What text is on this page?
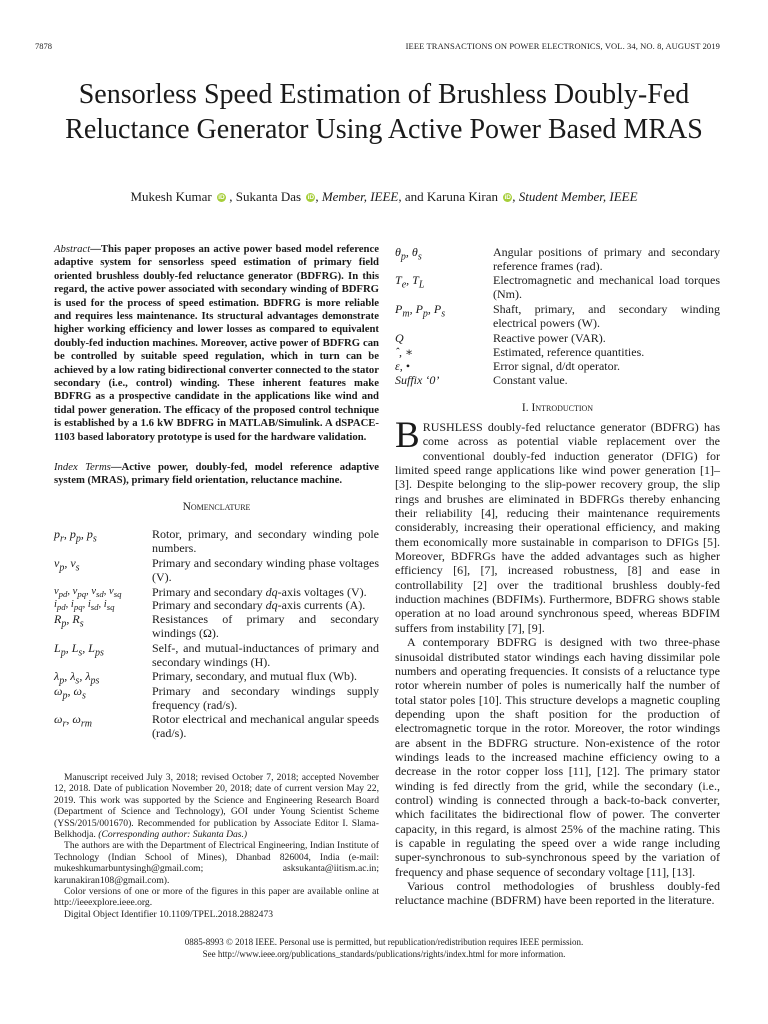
7878	IEEE TRANSACTIONS ON POWER ELECTRONICS, VOL. 34, NO. 8, AUGUST 2019
Sensorless Speed Estimation of Brushless Doubly-Fed Reluctance Generator Using Active Power Based MRAS
Mukesh Kumar iD , Sukanta Das iD, Member, IEEE, and Karuna Kiran iD, Student Member, IEEE
Abstract—This paper proposes an active power based model reference adaptive system for sensorless speed estimation of primary field oriented brushless doubly-fed reluctance generator (BDFRG). In this regard, the active power associated with secondary winding of BDFRG is used for the process of speed estimation. BDFRG is more reliable and requires less maintenance. Its structural advantages demonstrate higher working efficiency and lower losses as compared to equivalent doubly-fed induction machines. Moreover, active power of BDFRG can be controlled by suitable speed regulation, which in turn can be achieved by a low rating bidirectional converter connected to the stator secondary (i.e., control) winding. These inherent features make BDFRG as a prospective candidate in the applications like wind and tidal power generation. The efficacy of the proposed control technique is established by a 1.6 kW BDFRG in MATLAB/Simulink. A dSPACE-1103 based laboratory prototype is used for the hardware validation.
Index Terms—Active power, doubly-fed, model reference adaptive system (MRAS), primary field orientation, reluctance machine.
Nomenclature
$p_r$, $p_p$, $p_s$	Rotor, primary, and secondary winding pole numbers.
$v_p$, $v_s$	Primary and secondary winding phase voltages (V).
$v_{pd}$, $v_{pq}$, $v_{sd}$, $v_{sq}$	Primary and secondary dq-axis voltages (V).
$i_{pd}$, $i_{pq}$, $i_{sd}$, $i_{sq}$	Primary and secondary dq-axis currents (A).
$R_p$, $R_s$	Resistances of primary and secondary windings (Ω).
$L_p$, $L_s$, $L_{ps}$	Self-, and mutual-inductances of primary and secondary windings (H).
$\lambda_p$, $\lambda_s$, $\lambda_{ps}$	Primary, secondary, and mutual flux (Wb).
$\omega_p$, $\omega_s$	Primary and secondary windings supply frequency (rad/s).
$\omega_r$, $\omega_{rm}$	Rotor electrical and mechanical angular speeds (rad/s).

Manuscript received July 3, 2018; revised October 7, 2018; accepted November 12, 2018. Date of publication November 20, 2018; date of current version May 22, 2019. This work was supported by the Science and Engineering Research Board (Department of Science and Technology), GOI under Young Scientist Scheme (YSS/2015/001670). Recommended for publication by Associate Editor I. Slama-Belkhodja. (Corresponding author: Sukanta Das.)

The authors are with the Department of Electrical Engineering, Indian Institute of Technology (Indian School of Mines), Dhanbad 826004, India (e-mail: mukeshkumarbuntysingh@gmail.com; asksukanta@iitism.ac.in; karunakiran108@gmail.com).

Color versions of one or more of the figures in this paper are available online at http://ieeexplore.ieee.org.

Digital Object Identifier 10.1109/TPEL.2018.2882473

$\theta_p$, $\theta_s$	Angular positions of primary and secondary reference frames (rad).
$T_e$, $T_L$	Electromagnetic and mechanical load torques (Nm).
$P_m$, $P_p$, $P_s$	Shaft, primary, and secondary winding electrical powers (W).
Q	Reactive power (VAR).
ˆ, ∗	Estimated, reference quantities.
ε, •	Error signal, d/dt operator.
Suffix ‘0’	Constant value.
I. Introduction

BRUSHLESS doubly-fed reluctance generator (BDFRG) has come across as potential viable replacement over the conventional doubly-fed induction generator (DFIG) for limited speed range applications like wind power generation [1]–[3]. Despite belonging to the slip-power recovery group, the slip rings and brushes are eliminated in BDFRGs thereby enhancing their reliability [4], reducing their maintenance requirements considerably, increasing their operational efficiency, and making them economically more sustainable in comparison to DFIGs [5]. Moreover, BDFRGs have the added advantages such as higher efficiency [6], [7], increased robustness, [8] and ease in controllability [2] over the traditional brushless doubly-fed induction machines (BDFIMs). Furthermore, BDFRG shows stable operation at no load around synchronous speed, whereas BDFIM suffers from instability [7], [9].

A contemporary BDFRG is designed with two three-phase sinusoidal distributed stator windings each having dissimilar pole numbers and operating frequencies. It consists of a reluctance type rotor wherein number of poles is numerically half the number of total stator poles [10]. This structure develops a magnetic coupling depending upon the shaft position for the production of electromagnetic torque in the rotor. Moreover, the rotor windings are absent in the BDFRG structure. Non-existence of the rotor windings leads to the increased machine efficiency owing to a decrease in the rotor copper loss [11], [12]. The primary stator winding is fed directly from the grid, while the secondary (i.e., control) winding is connected through a back-to-back converter, which facilitates the bidirectional flow of power. The converter capacity, in this regard, is almost 25% of the machine rating. This is capable in regulating the speed over a wide range including super-synchronous to sub-synchronous speed by the variation of frequency and phase sequence of secondary voltage [11], [13].

Various control methodologies of brushless doubly-fed reluctance machine (BDFRM) have been reported in the literature.

0885-8993 © 2018 IEEE. Personal use is permitted, but republication/redistribution requires IEEE permission.
See http://www.ieee.org/publications_standards/publications/rights/index.html for more information.
